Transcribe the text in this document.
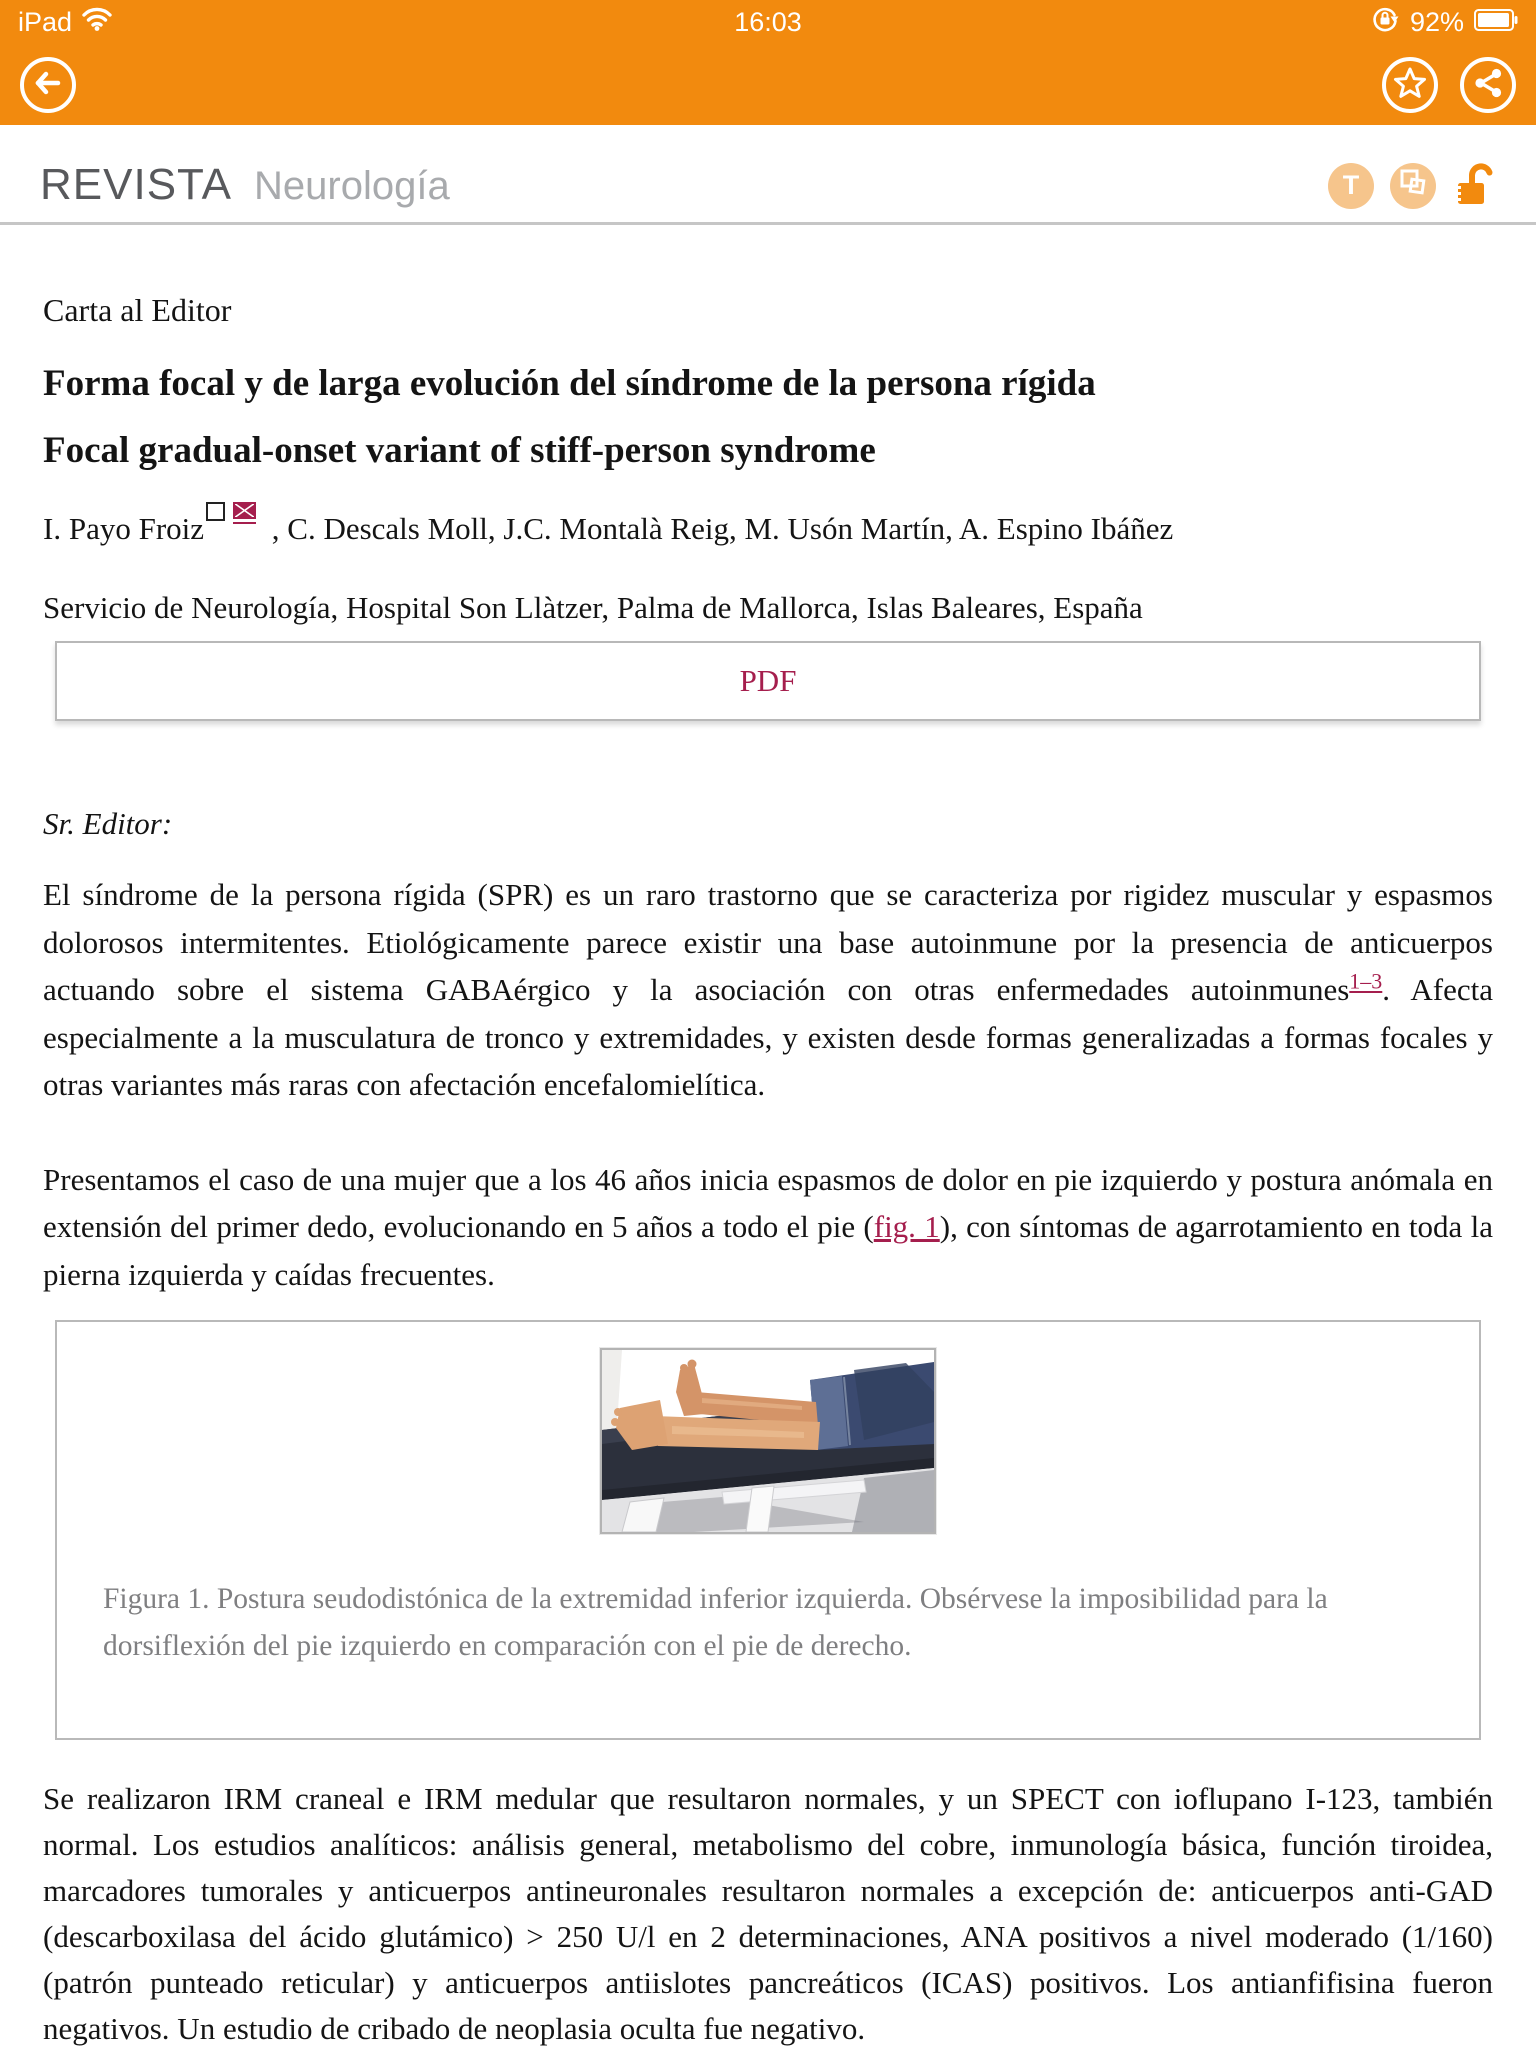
iPad	16:03	92%
REVISTA Neurología	T

Carta al Editor

Forma focal y de larga evolución del síndrome de la persona rígida
Focal gradual-onset variant of stiff-person syndrome

I. Payo Froiz
, C. Descals Moll, J.C. Montalà Reig, M. Usón Martín, A. Espino Ibáñez

Servicio de Neurología, Hospital Son Llàtzer, Palma de Mallorca, Islas Baleares, España

PDF

Sr. Editor:

El síndrome de la persona rígida (SPR) es un raro trastorno que se caracteriza por rigidez muscular y espasmos dolorosos intermitentes. Etiológicamente parece existir una base autoinmune por la presencia de anticuerpos actuando sobre el sistema GABAérgico y la asociación con otras enfermedades autoinmunes$^{1-3}$. Afecta especialmente a la musculatura de tronco y extremidades, y existen desde formas generalizadas a formas focales y otras variantes más raras con afectación encefalomielítica.

Presentamos el caso de una mujer que a los 46 años inicia espasmos de dolor en pie izquierdo y postura anómala en extensión del primer dedo, evolucionando en 5 años a todo el pie (fig. 1), con síntomas de agarrotamiento en toda la pierna izquierda y caídas frecuentes.

Figura 1. Postura seudodistónica de la extremidad inferior izquierda. Obsérvese la imposibilidad para la dorsiflexión del pie izquierdo en comparación con el pie de derecho.

Se realizaron IRM craneal e IRM medular que resultaron normales, y un SPECT con ioflupano I-123, también normal. Los estudios analíticos: análisis general, metabolismo del cobre, inmunología básica, función tiroidea, marcadores tumorales y anticuerpos antineuronales resultaron normales a excepción de: anticuerpos anti-GAD (descarboxilasa del ácido glutámico) > 250 U/l en 2 determinaciones, ANA positivos a nivel moderado (1/160) (patrón punteado reticular) y anticuerpos antiislotes pancreáticos (ICAS) positivos. Los antianfifisina fueron negativos. Un estudio de cribado de neoplasia oculta fue negativo.
